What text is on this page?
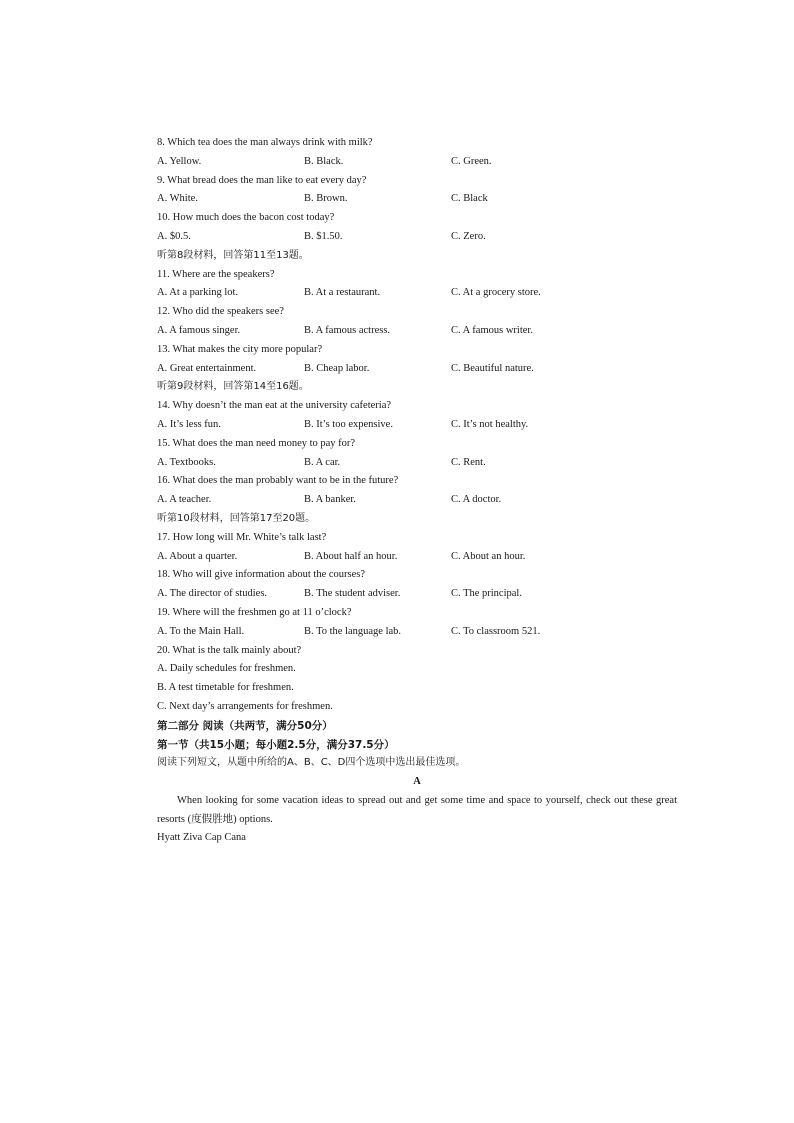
8. Which tea does the man always drink with milk?
A. Yellow.	B. Black.	C. Green.
9. What bread does the man like to eat every day?
A. White.	B. Brown.	C. Black
10. How much does the bacon cost today?
A. $0.5.	B. $1.50.	C. Zero.
听第8段材料，回答第11至13题。
11. Where are the speakers?
A. At a parking lot.	B. At a restaurant.	C. At a grocery store.
12. Who did the speakers see?
A. A famous singer.	B. A famous actress.	C. A famous writer.
13. What makes the city more popular?
A. Great entertainment.	B. Cheap labor.	C. Beautiful nature.
听第9段材料，回答第14至16题。
14. Why doesn’t the man eat at the university cafeteria?
A. It’s less fun.	B. It’s too expensive.	C. It’s not healthy.
15. What does the man need money to pay for?
A. Textbooks.	B. A car.	C. Rent.
16. What does the man probably want to be in the future?
A. A teacher.	B. A banker.	C. A doctor.
听第10段材料，回答第17至20题。
17. How long will Mr. White’s talk last?
A. About a quarter.	B. About half an hour.	C. About an hour.
18. Who will give information about the courses?
A. The director of studies.	B. The student adviser.	C. The principal.
19. Where will the freshmen go at 11 o’clock?
A. To the Main Hall.	B. To the language lab.	C. To classroom 521.
20. What is the talk mainly about?
A. Daily schedules for freshmen.
B. A test timetable for freshmen.
C. Next day’s arrangements for freshmen.
第二部分 阅读（共两节，满分50分）
第一节（共15小题；每小题2.5分，满分37.5分）
阅读下列短文，从题中所给的A、B、C、D四个选项中选出最佳选项。
A
When looking for some vacation ideas to spread out and get some time and space to yourself, check out these great resorts (度假胜地) options.
Hyatt Ziva Cap Cana
